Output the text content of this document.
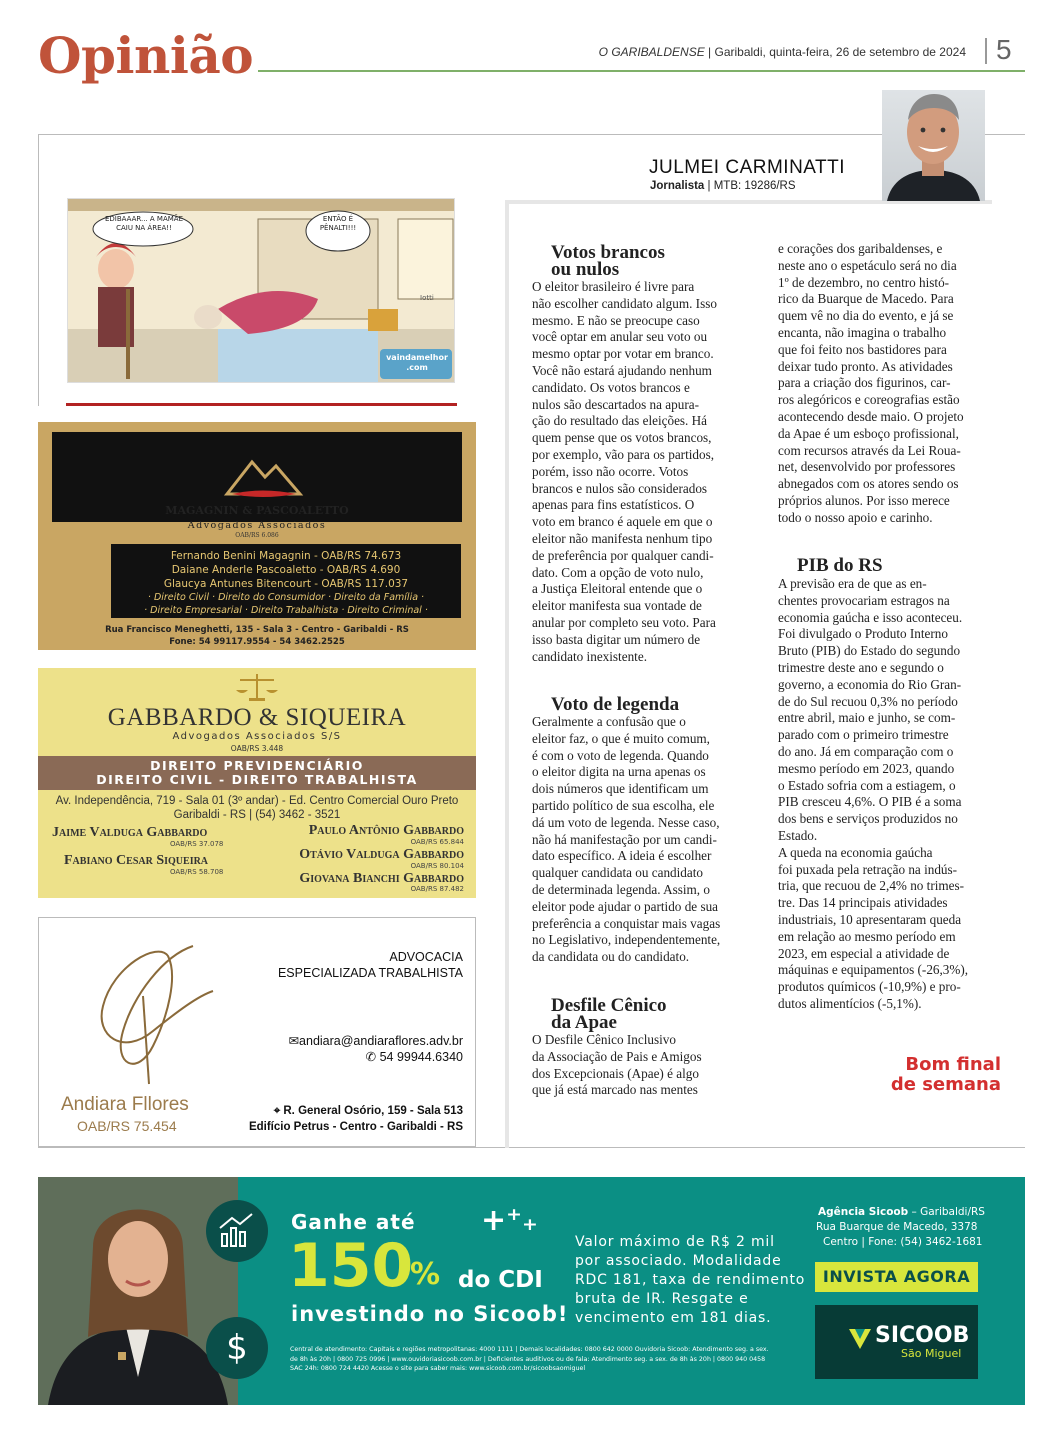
Opinião	O GARIBALDENSE | Garibaldi, quinta-feira, 26 de setembro de 2024 5
JULMEI CARMINATTI
Jornalista | MTB: 19286/RS
EDIBAAAR... A MAMÃE CAIU NA ÁREA!!
ENTÃO É PÊNALTI!!!
Iotti
vaindamelhor .com
MAGAGNIN & PASCOALETTO
Advogados Associados
OAB/RS 6.086
Fernando Benini Magagnin - OAB/RS 74.673
Daiane Anderle Pascoaletto - OAB/RS 4.690
Glaucya Antunes Bitencourt - OAB/RS 117.037
· Direito Civil · Direito do Consumidor · Direito da Família ·
· Direito Empresarial · Direito Trabalhista · Direito Criminal ·
Rua Francisco Meneghetti, 135 - Sala 3 - Centro - Garibaldi - RS
Fone: 54 99117.9554 - 54 3462.2525
GABBARDO & SIQUEIRA
Advogados Associados S/S
OAB/RS 3.448
DIREITO PREVIDENCIÁRIO
DIREITO CIVIL - DIREITO TRABALHISTA
Av. Independência, 719 - Sala 01 (3º andar) - Ed. Centro Comercial Ouro Preto
Garibaldi - RS | (54) 3462 - 3521
Jaime Valduga Gabbardo
OAB/RS 37.078
Fabiano Cesar Siqueira
OAB/RS 58.708
Paulo Antônio Gabbardo
OAB/RS 65.844
Otávio Valduga Gabbardo
OAB/RS 80.104
Giovana Bianchi Gabbardo
OAB/RS 87.482
ADVOCACIA
ESPECIALIZADA TRABALHISTA
✉andiara@andiaraflores.adv.br
✆ 54 99944.6340
⌖ R. General Osório, 159 - Sala 513
Edifício Petrus - Centro - Garibaldi - RS
Andiara Fllores
OAB/RS 75.454
Votos brancos
ou nulos
O eleitor brasileiro é livre para
não escolher candidato algum. Isso
mesmo. E não se preocupe caso
você optar em anular seu voto ou
mesmo optar por votar em branco.
Você não estará ajudando nenhum
candidato. Os votos brancos e
nulos são descartados na apura-
ção do resultado das eleições. Há
quem pense que os votos brancos,
por exemplo, vão para os partidos,
porém, isso não ocorre. Votos
brancos e nulos são considerados
apenas para fins estatísticos. O
voto em branco é aquele em que o
eleitor não manifesta nenhum tipo
de preferência por qualquer candi-
dato. Com a opção de voto nulo,
a Justiça Eleitoral entende que o
eleitor manifesta sua vontade de
anular por completo seu voto. Para
isso basta digitar um número de
candidato inexistente.
Voto de legenda
Geralmente a confusão que o
eleitor faz, o que é muito comum,
é com o voto de legenda. Quando
o eleitor digita na urna apenas os
dois números que identificam um
partido político de sua escolha, ele
dá um voto de legenda. Nesse caso,
não há manifestação por um candi-
dato específico. A ideia é escolher
qualquer candidata ou candidato
de determinada legenda. Assim, o
eleitor pode ajudar o partido de sua
preferência a conquistar mais vagas
no Legislativo, independentemente,
da candidata ou do candidato.
Desfile Cênico
da Apae
O Desfile Cênico Inclusivo
da Associação de Pais e Amigos
dos Excepcionais (Apae) é algo
que já está marcado nas mentes
e corações dos garibaldenses, e
neste ano o espetáculo será no dia
1º de dezembro, no centro histó-
rico da Buarque de Macedo. Para
quem vê no dia do evento, e já se
encanta, não imagina o trabalho
que foi feito nos bastidores para
deixar tudo pronto. As atividades
para a criação dos figurinos, car-
ros alegóricos e coreografias estão
acontecendo desde maio. O projeto
da Apae é um esboço profissional,
com recursos através da Lei Roua-
net, desenvolvido por professores
abnegados com os atores sendo os
próprios alunos. Por isso merece
todo o nosso apoio e carinho.
PIB do RS
A previsão era de que as en-
chentes provocariam estragos na
economia gaúcha e isso aconteceu.
Foi divulgado o Produto Interno
Bruto (PIB) do Estado do segundo
trimestre deste ano e segundo o
governo, a economia do Rio Gran-
de do Sul recuou 0,3% no período
entre abril, maio e junho, se com-
parado com o primeiro trimestre
do ano. Já em comparação com o
mesmo período em 2023, quando
o Estado sofria com a estiagem, o
PIB cresceu 4,6%. O PIB é a soma
dos bens e serviços produzidos no
Estado.
A queda na economia gaúcha
foi puxada pela retração na indús-
tria, que recuou de 2,4% no trimes-
tre. Das 14 principais atividades
industriais, 10 apresentaram queda
em relação ao mesmo período em
2023, em especial a atividade de
máquinas e equipamentos (-26,3%),
produtos químicos (-10,9%) e pro-
dutos alimentícios (-5,1%).
Bom final
de semana
$
Ganhe até
150
% do CDI
investindo no Sicoob!
+⁺₊
Valor máximo de R$ 2 mil
por associado. Modalidade
RDC 181, taxa de rendimento
bruta de IR. Resgate e
vencimento em 181 dias.
Agência Sicoob – Garibaldi/RS
Rua Buarque de Macedo, 3378
Centro | Fone: (54) 3462-1681
INVISTA AGORA
SICOOB
São Miguel
Central de atendimento: Capitais e regiões metropolitanas: 4000 1111 | Demais localidades: 0800 642 0000 Ouvidoria Sicoob: Atendimento seg. a sex.
de 8h às 20h | 0800 725 0996 | www.ouvidoriasicoob.com.br | Deficientes auditivos ou de fala: Atendimento seg. a sex. de 8h às 20h | 0800 940 0458
SAC 24h: 0800 724 4420 Acesse o site para saber mais: www.sicoob.com.br/sicoobsaomiguel
